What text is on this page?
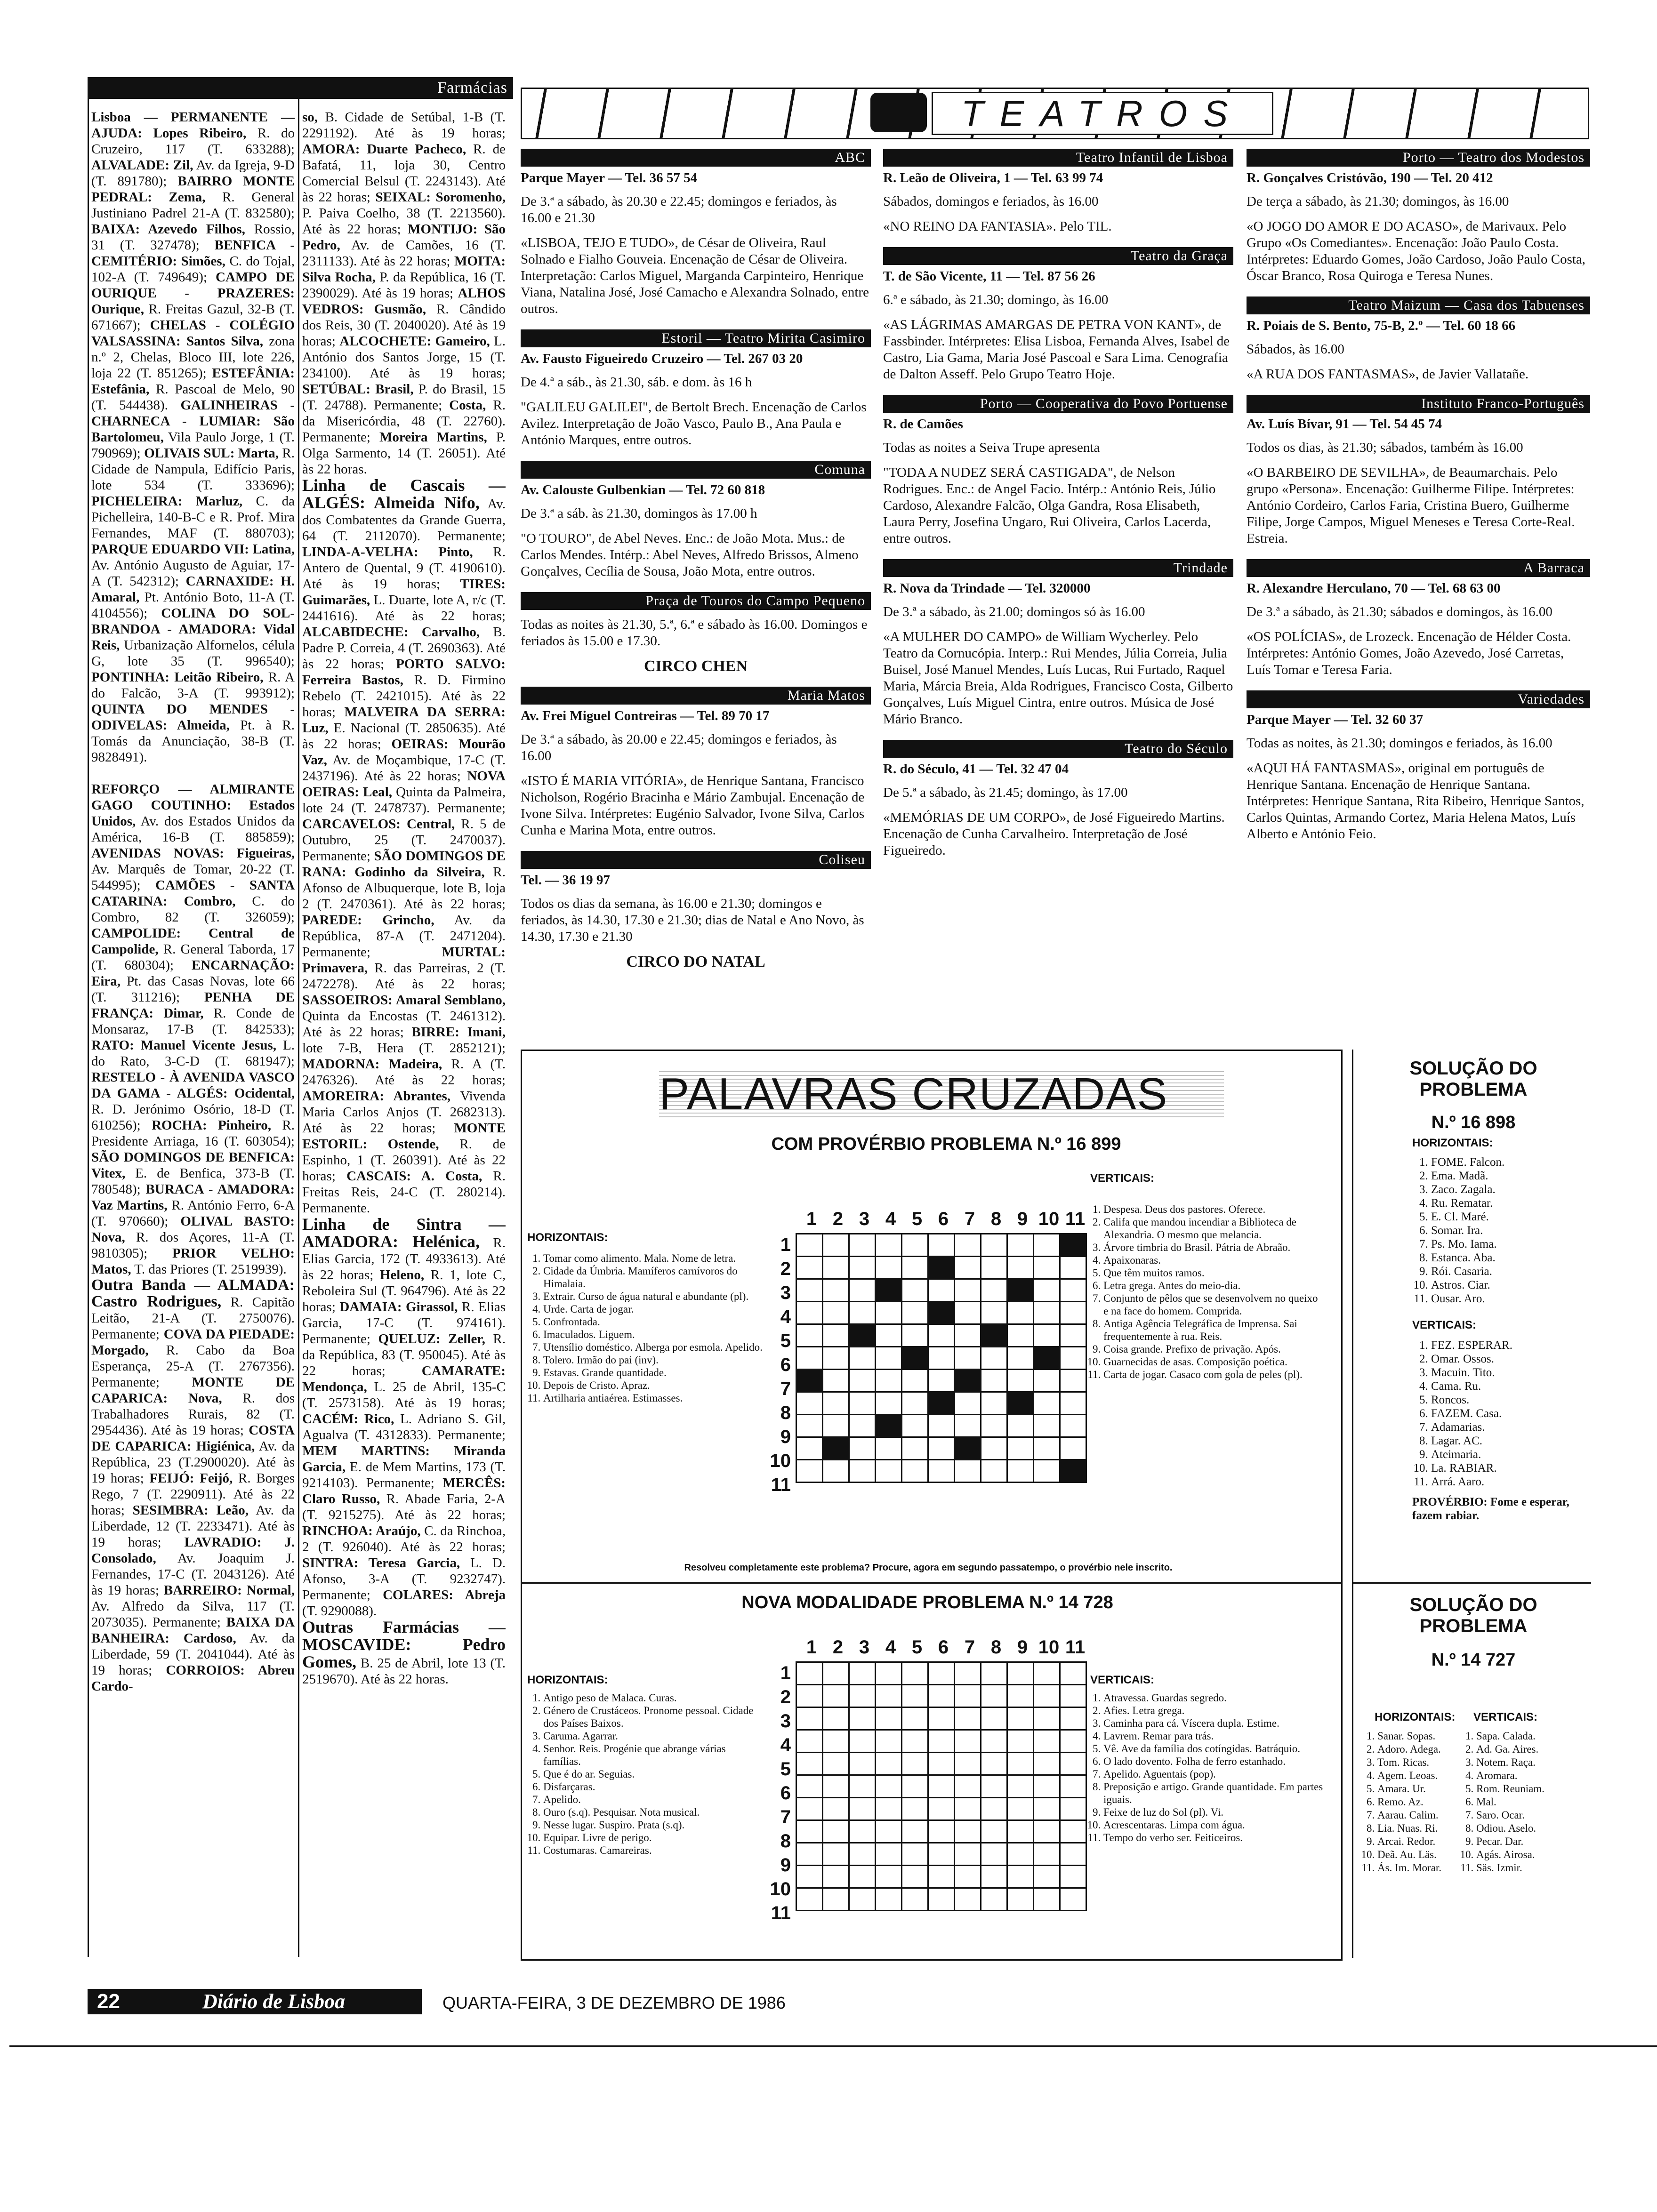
Farmácias
Lisboa — PERMANENTE — AJUDA: Lopes Ribeiro, R. do Cruzeiro, 117 (T. 633288); ALVALADE: Zil, Av. da Igreja, 9-D (T. 891780); BAIRRO MONTE PEDRAL: Zema, R. General Justiniano Padrel 21-A (T. 832580); BAIXA: Azevedo Filhos, Rossio, 31 (T. 327478); BENFICA - CEMITÉRIO: Simões, C. do Tojal, 102-A (T. 749649); CAMPO DE OURIQUE - PRAZERES: Ourique, R. Freitas Gazul, 32-B (T. 671667); CHELAS - COLÉGIO VALSASSINA: Santos Silva, zona n.º 2, Chelas, Bloco III, lote 226, loja 22 (T. 851265); ESTEFÂNIA: Estefânia, R. Pascoal de Melo, 90 (T. 544438). GALINHEIRAS - CHARNECA - LUMIAR: São Bartolomeu, Vila Paulo Jorge, 1 (T. 790969); OLIVAIS SUL: Marta, R. Cidade de Nampula, Edifício Paris, lote 534 (T. 333696); PICHELEIRA: Marluz, C. da Pichelleira, 140-B-C e R. Prof. Mira Fernandes, MAF (T. 880703); PARQUE EDUARDO VII: Latina, Av. António Augusto de Aguiar, 17-A (T. 542312); CARNAXIDE: H. Amaral, Pt. António Boto, 11-A (T. 4104556); COLINA DO SOL-BRANDOA - AMADORA: Vidal Reis, Urbanização Alfornelos, célula G, lote 35 (T. 996540); PONTINHA: Leitão Ribeiro, R. A do Falcão, 3-A (T. 993912); QUINTA DO MENDES - ODIVELAS: Almeida, Pt. à R. Tomás da Anunciação, 38-B (T. 9828491).

REFORÇO — ALMIRANTE GAGO COUTINHO: Estados Unidos, Av. dos Estados Unidos da América, 16-B (T. 885859); AVENIDAS NOVAS: Figueiras, Av. Marquês de Tomar, 20-22 (T. 544995); CAMÕES - SANTA CATARINA: Combro, C. do Combro, 82 (T. 326059); CAMPOLIDE: Central de Campolide, R. General Taborda, 17 (T. 680304); ENCARNAÇÃO: Eira, Pt. das Casas Novas, lote 66 (T. 311216); PENHA DE FRANÇA: Dimar, R. Conde de Monsaraz, 17-B (T. 842533); RATO: Manuel Vicente Jesus, L. do Rato, 3-C-D (T. 681947); RESTELO - À AVENIDA VASCO DA GAMA - ALGÉS: Ocidental, R. D. Jerónimo Osório, 18-D (T. 610256); ROCHA: Pinheiro, R. Presidente Arriaga, 16 (T. 603054); SÃO DOMINGOS DE BENFICA: Vitex, E. de Benfica, 373-B (T. 780548); BURACA - AMADORA: Vaz Martins, R. António Ferro, 6-A (T. 970660); OLIVAL BASTO: Nova, R. dos Açores, 11-A (T. 9810305); PRIOR VELHO: Matos, T. das Priores (T. 2519939).
Outra Banda — ALMADA: Castro Rodrigues, R. Capitão Leitão, 21-A (T. 2750076). Permanente; COVA DA PIEDADE: Morgado, R. Cabo da Boa Esperança, 25-A (T. 2767356). Permanente; MONTE DE CAPARICA: Nova, R. dos Trabalhadores Rurais, 82 (T. 2954436). Até às 19 horas; COSTA DE CAPARICA: Higiénica, Av. da República, 23 (T.2900020). Até às 19 horas; FEIJÓ: Feijó, R. Borges Rego, 7 (T. 2290911). Até às 22 horas; SESIMBRA: Leão, Av. da Liberdade, 12 (T. 2233471). Até às 19 horas; LAVRADIO: J. Consolado, Av. Joaquim J. Fernandes, 17-C (T. 2043126). Até às 19 horas; BARREIRO: Normal, Av. Alfredo da Silva, 117 (T. 2073035). Permanente; BAIXA DA BANHEIRA: Cardoso, Av. da Liberdade, 59 (T. 2041044). Até às 19 horas; CORROIOS: Abreu Cardo-
so, B. Cidade de Setúbal, 1-B (T. 2291192). Até às 19 horas; AMORA: Duarte Pacheco, R. de Bafatá, 11, loja 30, Centro Comercial Belsul (T. 2243143). Até às 22 horas; SEIXAL: Soromenho, P. Paiva Coelho, 38 (T. 2213560). Até às 22 horas; MONTIJO: São Pedro, Av. de Camões, 16 (T. 2311133). Até às 22 horas; MOITA: Silva Rocha, P. da República, 16 (T. 2390029). Até às 19 horas; ALHOS VEDROS: Gusmão, R. Cândido dos Reis, 30 (T. 2040020). Até às 19 horas; ALCOCHETE: Gameiro, L. António dos Santos Jorge, 15 (T. 234100). Até às 19 horas; SETÚBAL: Brasil, P. do Brasil, 15 (T. 24788). Permanente; Costa, R. da Misericórdia, 48 (T. 22760). Permanente; Moreira Martins, P. Olga Sarmento, 14 (T. 26051). Até às 22 horas.
Linha de Cascais — ALGÉS: Almeida Nifo, Av. dos Combatentes da Grande Guerra, 64 (T. 2112070). Permanente; LINDA-A-VELHA: Pinto, R. Antero de Quental, 9 (T. 4190610). Até às 19 horas; TIRES: Guimarães, L. Duarte, lote A, r/c (T. 2441616). Até às 22 horas; ALCABIDECHE: Carvalho, B. Padre P. Correia, 4 (T. 2690363). Até às 22 horas; PORTO SALVO: Ferreira Bastos, R. D. Firmino Rebelo (T. 2421015). Até às 22 horas; MALVEIRA DA SERRA: Luz, E. Nacional (T. 2850635). Até às 22 horas; OEIRAS: Mourão Vaz, Av. de Moçambique, 17-C (T. 2437196). Até às 22 horas; NOVA OEIRAS: Leal, Quinta da Palmeira, lote 24 (T. 2478737). Permanente; CARCAVELOS: Central, R. 5 de Outubro, 25 (T. 2470037). Permanente; SÃO DOMINGOS DE RANA: Godinho da Silveira, R. Afonso de Albuquerque, lote B, loja 2 (T. 2470361). Até às 22 horas; PAREDE: Grincho, Av. da República, 87-A (T. 2471204). Permanente; MURTAL: Primavera, R. das Parreiras, 2 (T. 2472278). Até às 22 horas; SASSOEIROS: Amaral Semblano, Quinta da Encostas (T. 2461312). Até às 22 horas; BIRRE: Imani, lote 7-B, Hera (T. 2852121); MADORNA: Madeira, R. A (T. 2476326). Até às 22 horas; AMOREIRA: Abrantes, Vivenda Maria Carlos Anjos (T. 2682313). Até às 22 horas; MONTE ESTORIL: Ostende, R. de Espinho, 1 (T. 260391). Até às 22 horas; CASCAIS: A. Costa, R. Freitas Reis, 24-C (T. 280214). Permanente.
Linha de Sintra — AMADORA: Helénica, R. Elias Garcia, 172 (T. 4933613). Até às 22 horas; Heleno, R. 1, lote C, Reboleira Sul (T. 964796). Até às 22 horas; DAMAIA: Girassol, R. Elias Garcia, 17-C (T. 974161). Permanente; QUELUZ: Zeller, R. da República, 83 (T. 950045). Até às 22 horas; CAMARATE: Mendonça, L. 25 de Abril, 135-C (T. 2573158). Até às 19 horas; CACÉM: Rico, L. Adriano S. Gil, Agualva (T. 4312833). Permanente; MEM MARTINS: Miranda Garcia, E. de Mem Martins, 173 (T. 9214103). Permanente; MERCÊS: Claro Russo, R. Abade Faria, 2-A (T. 9215275). Até às 22 horas; RINCHOA: Araújo, C. da Rinchoa, 2 (T. 926040). Até às 22 horas; SINTRA: Teresa Garcia, L. D. Afonso, 3-A (T. 9232747). Permanente; COLARES: Abreja (T. 9290088).
Outras Farmácias — MOSCAVIDE: Pedro Gomes, B. 25 de Abril, lote 13 (T. 2519670). Até às 22 horas.
TEATROS
ABC
Parque Mayer — Tel. 36 57 54
De 3.ª a sábado, às 20.30 e 22.45; domingos e feriados, às 16.00 e 21.30
«LISBOA, TEJO E TUDO», de César de Oliveira, Raul Solnado e Fialho Gouveia. Encenação de César de Oliveira. Interpretação: Carlos Miguel, Marganda Carpinteiro, Henrique Viana, Natalina José, José Camacho e Alexandra Solnado, entre outros.
Estoril — Teatro Mirita Casimiro
Av. Fausto Figueiredo Cruzeiro — Tel. 267 03 20
De 4.ª a sáb., às 21.30, sáb. e dom. às 16 h
"GALILEU GALILEI", de Bertolt Brech. Encenação de Carlos Avilez. Interpretação de João Vasco, Paulo B., Ana Paula e António Marques, entre outros.
Comuna
Av. Calouste Gulbenkian — Tel. 72 60 818
De 3.ª a sáb. às 21.30, domingos às 17.00 h
"O TOURO", de Abel Neves. Enc.: de João Mota. Mus.: de Carlos Mendes. Intérp.: Abel Neves, Alfredo Brissos, Almeno Gonçalves, Cecília de Sousa, João Mota, entre outros.
Praça de Touros do Campo Pequeno
Todas as noites às 21.30, 5.ª, 6.ª e sábado às 16.00. Domingos e feriados às 15.00 e 17.30.
CIRCO CHEN
Maria Matos
Av. Frei Miguel Contreiras — Tel. 89 70 17
De 3.ª a sábado, às 20.00 e 22.45; domingos e feriados, às 16.00
«ISTO É MARIA VITÓRIA», de Henrique Santana, Francisco Nicholson, Rogério Bracinha e Mário Zambujal. Encenação de Ivone Silva. Intérpretes: Eugénio Salvador, Ivone Silva, Carlos Cunha e Marina Mota, entre outros.
Coliseu
Tel. — 36 19 97
Todos os dias da semana, às 16.00 e 21.30; domingos e feriados, às 14.30, 17.30 e 21.30; dias de Natal e Ano Novo, às 14.30, 17.30 e 21.30
CIRCO DO NATAL
Teatro Infantil de Lisboa
R. Leão de Oliveira, 1 — Tel. 63 99 74
Sábados, domingos e feriados, às 16.00
«NO REINO DA FANTASIA». Pelo TIL.
Teatro da Graça
T. de São Vicente, 11 — Tel. 87 56 26
6.ª e sábado, às 21.30; domingo, às 16.00
«AS LÁGRIMAS AMARGAS DE PETRA VON KANT», de Fassbinder. Intérpretes: Elisa Lisboa, Fernanda Alves, Isabel de Castro, Lia Gama, Maria José Pascoal e Sara Lima. Cenografia de Dalton Asseff. Pelo Grupo Teatro Hoje.
Porto — Cooperativa do Povo Portuense
R. de Camões
Todas as noites a Seiva Trupe apresenta
"TODA A NUDEZ SERÁ CASTIGADA", de Nelson Rodrigues. Enc.: de Angel Facio. Intérp.: António Reis, Júlio Cardoso, Alexandre Falcão, Olga Gandra, Rosa Elisabeth, Laura Perry, Josefina Ungaro, Rui Oliveira, Carlos Lacerda, entre outros.
Trindade
R. Nova da Trindade — Tel. 320000
De 3.ª a sábado, às 21.00; domingos só às 16.00
«A MULHER DO CAMPO» de William Wycherley. Pelo Teatro da Cornucópia. Interp.: Rui Mendes, Júlia Correia, Julia Buisel, José Manuel Mendes, Luís Lucas, Rui Furtado, Raquel Maria, Márcia Breia, Alda Rodrigues, Francisco Costa, Gilberto Gonçalves, Luís Miguel Cintra, entre outros. Música de José Mário Branco.
Teatro do Século
R. do Século, 41 — Tel. 32 47 04
De 5.ª a sábado, às 21.45; domingo, às 17.00
«MEMÓRIAS DE UM CORPO», de José Figueiredo Martins. Encenação de Cunha Carvalheiro. Interpretação de José Figueiredo.
Porto — Teatro dos Modestos
R. Gonçalves Cristóvão, 190 — Tel. 20 412
De terça a sábado, às 21.30; domingos, às 16.00
«O JOGO DO AMOR E DO ACASO», de Marivaux. Pelo Grupo «Os Comediantes». Encenação: João Paulo Costa. Intérpretes: Eduardo Gomes, João Cardoso, João Paulo Costa, Óscar Branco, Rosa Quiroga e Teresa Nunes.
Teatro Maizum — Casa dos Tabuenses
R. Poiais de S. Bento, 75-B, 2.º — Tel. 60 18 66
Sábados, às 16.00
«A RUA DOS FANTASMAS», de Javier Vallatañe.
Instituto Franco-Português
Av. Luís Bívar, 91 — Tel. 54 45 74
Todos os dias, às 21.30; sábados, também às 16.00
«O BARBEIRO DE SEVILHA», de Beaumarchais. Pelo grupo «Persona». Encenação: Guilherme Filipe. Intérpretes: António Cordeiro, Carlos Faria, Cristina Buero, Guilherme Filipe, Jorge Campos, Miguel Meneses e Teresa Corte-Real. Estreia.
A Barraca
R. Alexandre Herculano, 70 — Tel. 68 63 00
De 3.ª a sábado, às 21.30; sábados e domingos, às 16.00
«OS POLÍCIAS», de Lrozeck. Encenação de Hélder Costa. Intérpretes: António Gomes, João Azevedo, José Carretas, Luís Tomar e Teresa Faria.
Variedades
Parque Mayer — Tel. 32 60 37
Todas as noites, às 21.30; domingos e feriados, às 16.00
«AQUI HÁ FANTASMAS», original em português de Henrique Santana. Encenação de Henrique Santana. Intérpretes: Henrique Santana, Rita Ribeiro, Henrique Santos, Carlos Quintas, Armando Cortez, Maria Helena Matos, Luís Alberto e António Feio.
PALAVRAS CRUZADAS
COM PROVÉRBIO PROBLEMA N.º 16 899
HORIZONTAIS:
1. Tomar como alimento. Mala. Nome de letra.
2. Cidade da Úmbria. Mamíferos carnívoros do Himalaia.
3. Extrair. Curso de água natural e abundante (pl).
4. Urde. Carta de jogar.
5. Confrontada.
6. Imaculados. Liguem.
7. Utensílio doméstico. Alberga por esmola. Apelido.
8. Tolero. Irmão do pai (inv).
9. Estavas. Grande quantidade.
10. Depois de Cristo. Apraz.
11. Artilharia antiaérea. Estimasses.
1 2 3 4 5 6 7 8 9 10 11
1
2
3
4
5
6
7
8
9
10
11

VERTICAIS:
1. Despesa. Deus dos pastores. Oferece.
2. Califa que mandou incendiar a Biblioteca de Alexandria. O mesmo que melancia.
3. Árvore timbria do Brasil. Pátria de Abraão.
4. Apaixonaras.
5. Que têm muitos ramos.
6. Letra grega. Antes do meio-dia.
7. Conjunto de pêlos que se desenvolvem no queixo e na face do homem. Comprida.
8. Antiga Agência Telegráfica de Imprensa. Sai frequentemente à rua. Reis.
9. Coisa grande. Prefixo de privação. Após.
10. Guarnecidas de asas. Composição poética.
11. Carta de jogar. Casaco com gola de peles (pl).
Resolveu completamente este problema? Procure, agora em segundo passatempo, o provérbio nele inscrito.
NOVA MODALIDADE PROBLEMA N.º 14 728
HORIZONTAIS:
1. Antigo peso de Malaca. Curas.
2. Género de Crustáceos. Pronome pessoal. Cidade dos Países Baixos.
3. Caruma. Agarrar.
4. Senhor. Reis. Progénie que abrange várias famílias.
5. Que é do ar. Seguias.
6. Disfarçaras.
7. Apelido.
8. Ouro (s.q). Pesquisar. Nota musical.
9. Nesse lugar. Suspiro. Prata (s.q).
10. Equipar. Livre de perigo.
11. Costumaras. Camareiras.
1 2 3 4 5 6 7 8 9 10 11
1
2
3
4
5
6
7
8
9
10
11

VERTICAIS:
1. Atravessa. Guardas segredo.
2. Afies. Letra grega.
3. Caminha para cá. Víscera dupla. Estime.
4. Lavrem. Remar para trás.
5. Vê. Ave da família dos cotíngidas. Batráquio.
6. O lado dovento. Folha de ferro estanhado.
7. Apelido. Aguentais (pop).
8. Preposição e artigo. Grande quantidade. Em partes iguais.
9. Feixe de luz do Sol (pl). Vi.
10. Acrescentaras. Limpa com água.
11. Tempo do verbo ser. Feiticeiros.
SOLUÇÃO DO PROBLEMA
N.º 16 898
HORIZONTAIS:
1. FOME. Falcon.
2. Ema. Madã.
3. Zaco. Zagala.
4. Ru. Rematar.
5. E. Cl. Maré.
6. Somar. Ira.
7. Ps. Mo. Iama.
8. Estanca. Aba.
9. Rói. Casaria.
10. Astros. Ciar.
11. Ousar. Aro.
VERTICAIS:
1. FEZ. ESPERAR.
2. Omar. Ossos.
3. Macuin. Tito.
4. Cama. Ru.
5. Roncos.
6. FAZEM. Casa.
7. Adamarias.
8. Lagar. AC.
9. Ateimaria.
10. La. RABIAR.
11. Arrá. Aaro.
PROVÉRBIO: Fome e esperar, fazem rabiar.
SOLUÇÃO DO PROBLEMA
N.º 14 727
HORIZONTAIS:
1. Sanar. Sopas.
2. Adoro. Adega.
3. Tom. Ricas.
4. Agem. Leoas.
5. Amara. Ur.
6. Remo. Az.
7. Aarau. Calim.
8. Lia. Nuas. Ri.
9. Arcai. Redor.
10. Deã. Au. Läs.
11. Ás. Im. Morar.
VERTICAIS:
1. Sapa. Calada.
2. Ad. Ga. Aires.
3. Notem. Raça.
4. Aromara.
5. Rom. Reuniam.
6. Mal.
7. Saro. Ocar.
8. Odiou. Aselo.
9. Pecar. Dar.
10. Agás. Airosa.
11. Säs. Izmir.
22	Diário de Lisboa	QUARTA-FEIRA, 3 DE DEZEMBRO DE 1986
